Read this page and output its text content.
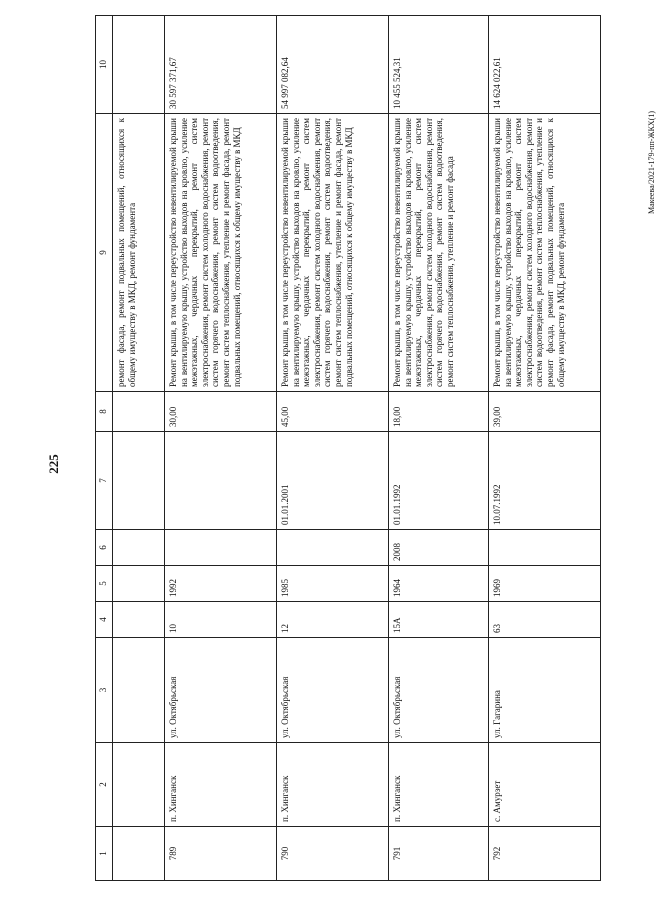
225
Макеева/2021-179-пп-ЖКХ(1)
1	2	3	4	5	6	7	8	9	10
								ремонт фасада, ремонт подвальных помещений, относящихся к общему имуществу в МКД, ремонт фундамента	
789	п. Хинганск	ул. Октябрьская	10	1992			30,00	Ремонт крыши, в том числе переустройство невентилируемой крыши на вентилируемую крышу, устройство выходов на кровлю, усиление межэтажных, чердачных перекрытий, ремонт систем электроснабжения, ремонт систем холодного водоснабжения, ремонт систем горячего водоснабжения, ремонт систем водоотведения, ремонт систем теплоснабжения, утепление и ремонт фасада, ремонт подвальных помещений, относящихся к общему имуществу в МКД	30 597 371,67
790	п. Хинганск	ул. Октябрьская	12	1985		01.01.2001	45,00	Ремонт крыши, в том числе переустройство невентилируемой крыши на вентилируемую крышу, устройство выходов на кровлю, усиление межэтажных, чердачных перекрытий, ремонт систем электроснабжения, ремонт систем холодного водоснабжения, ремонт систем горячего водоснабжения, ремонт систем водоотведения, ремонт систем теплоснабжения, утепление и ремонт фасада, ремонт подвальных помещений, относящихся к общему имуществу в МКД	54 997 082,64
791	п. Хинганск	ул. Октябрьская	15А	1964	2008	01.01.1992	18,00	Ремонт крыши, в том числе переустройство невентилируемой крыши на вентилируемую крышу, устройство выходов на кровлю, усиление межэтажных, чердачных перекрытий, ремонт систем электроснабжения, ремонт систем холодного водоснабжения, ремонт систем горячего водоснабжения, ремонт систем водоотведения, ремонт систем теплоснабжения, утепление и ремонт фасада	10 455 524,31
792	с. Амурзет	ул. Гагарина	63	1969		10.07.1992	39,00	Ремонт крыши, в том числе переустройство невентилируемой крыши на вентилируемую крышу, устройство выходов на кровлю, усиление межэтажных, чердачных перекрытий, ремонт систем электроснабжения, ремонт систем холодного водоснабжения, ремонт систем водоотведения, ремонт систем теплоснабжения, утепление и ремонт фасада, ремонт подвальных помещений, относящихся к общему имуществу в МКД, ремонт фундамента	14 624 022,61
